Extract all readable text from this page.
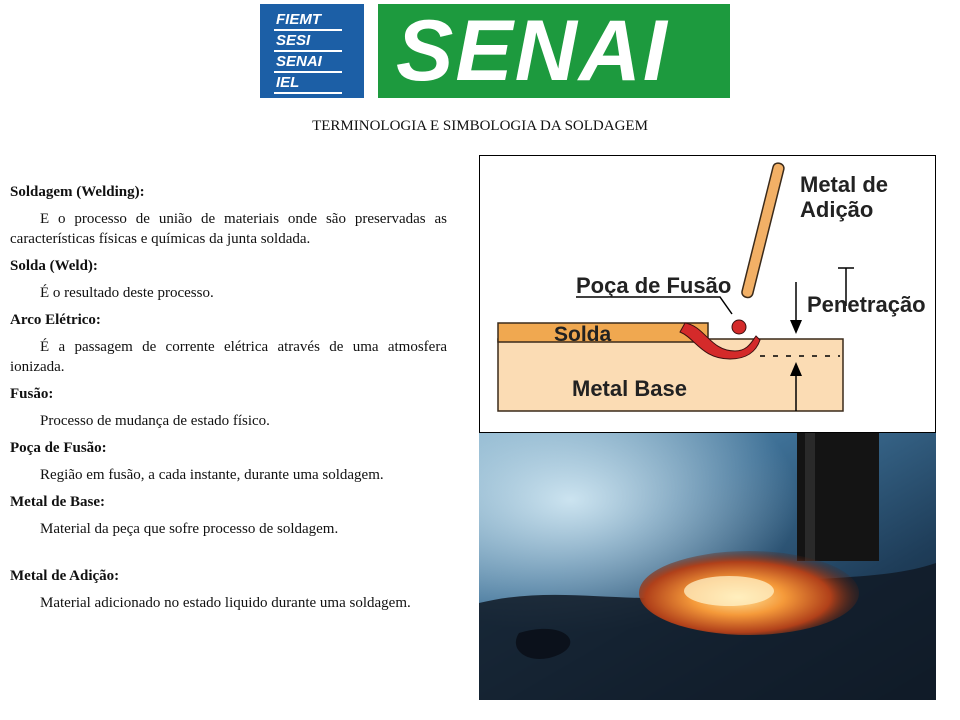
FIEMT
SESI
SENAI
IEL	SENAI
TERMINOLOGIA E SIMBOLOGIA DA SOLDAGEM

Soldagem (Welding):

E o processo de união de materiais onde são preservadas as características físicas e químicas da junta soldada.

Solda (Weld):

É o resultado deste processo.

Arco Elétrico:

É a passagem de corrente elétrica através de uma atmosfera ionizada.

Fusão:

Processo de mudança de estado físico.

Poça de Fusão:

Região em fusão, a cada instante, durante uma soldagem.

Metal de Base:

Material da peça que sofre processo de soldagem.

Metal de Adição:

Material adicionado no estado liquido durante uma soldagem.

Metal de
Adição
Poça de Fusão
Penetração
Solda
Metal Base
